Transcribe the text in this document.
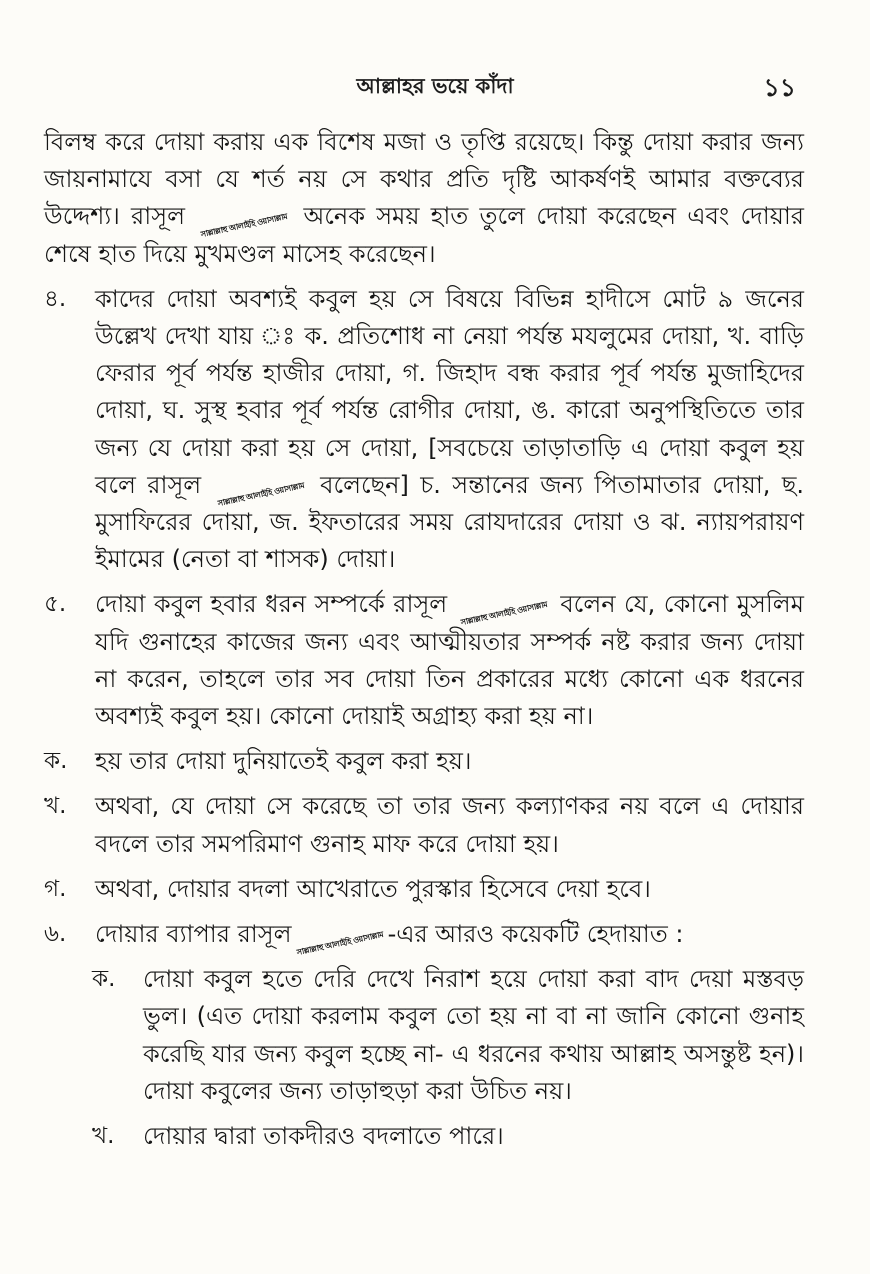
আল্লাহর ভয়ে কাঁদা	১১

বিলম্ব করে দোয়া করায় এক বিশেষ মজা ও তৃপ্তি রয়েছে। কিন্তু দোয়া করার জন্য জায়নামাযে বসা যে শর্ত নয় সে কথার প্রতি দৃষ্টি আকর্ষণই আমার বক্তব্যের উদ্দেশ্য। রাসূল সাল্লাল্লাহু আলাইহি ওয়াসাল্লাম অনেক সময় হাত তুলে দোয়া করেছেন এবং দোয়ার শেষে হাত দিয়ে মুখমণ্ডল মাসেহ করেছেন।

৪.	কাদের দোয়া অবশ্যই কবুল হয় সে বিষয়ে বিভিন্ন হাদীসে মোট ৯ জনের উল্লেখ দেখা যায় ঃ ক. প্রতিশোধ না নেয়া পর্যন্ত মযলুমের দোয়া, খ. বাড়ি ফেরার পূর্ব পর্যন্ত হাজীর দোয়া, গ. জিহাদ বন্ধ করার পূর্ব পর্যন্ত মুজাহিদের দোয়া, ঘ. সুস্থ হবার পূর্ব পর্যন্ত রোগীর দোয়া, ঙ. কারো অনুপস্থিতিতে তার জন্য যে দোয়া করা হয় সে দোয়া, [সবচেয়ে তাড়াতাড়ি এ দোয়া কবুল হয় বলে রাসূল সাল্লাল্লাহু আলাইহি ওয়াসাল্লাম বলেছেন] চ. সন্তানের জন্য পিতামাতার দোয়া, ছ. মুসাফিরের দোয়া, জ. ইফতারের সময় রোযদারের দোয়া ও ঝ. ন্যায়পরায়ণ ইমামের (নেতা বা শাসক) দোয়া।
৫.	দোয়া কবুল হবার ধরন সম্পর্কে রাসূল সাল্লাল্লাহু আলাইহি ওয়াসাল্লাম বলেন যে, কোনো মুসলিম যদি গুনাহের কাজের জন্য এবং আত্মীয়তার সম্পর্ক নষ্ট করার জন্য দোয়া না করেন, তাহলে তার সব দোয়া তিন প্রকারের মধ্যে কোনো এক ধরনের অবশ্যই কবুল হয়। কোনো দোয়াই অগ্রাহ্য করা হয় না।
ক.	হয় তার দোয়া দুনিয়াতেই কবুল করা হয়।
খ.	অথবা, যে দোয়া সে করেছে তা তার জন্য কল্যাণকর নয় বলে এ দোয়ার বদলে তার সমপরিমাণ গুনাহ মাফ করে দোয়া হয়।
গ.	অথবা, দোয়ার বদলা আখেরাতে পুরস্কার হিসেবে দেয়া হবে।
৬.	দোয়ার ব্যাপার রাসূল সাল্লাল্লাহু আলাইহি ওয়াসাল্লাম -এর আরও কয়েকটি হেদায়াত :
ক.	দোয়া কবুল হতে দেরি দেখে নিরাশ হয়ে দোয়া করা বাদ দেয়া মস্তবড় ভুল। (এত দোয়া করলাম কবুল তো হয় না বা না জানি কোনো গুনাহ করেছি যার জন্য কবুল হচ্ছে না- এ ধরনের কথায় আল্লাহ অসন্তুষ্ট হন)। দোয়া কবুলের জন্য তাড়াহুড়া করা উচিত নয়।
খ.	দোয়ার দ্বারা তাকদীরও বদলাতে পারে।
